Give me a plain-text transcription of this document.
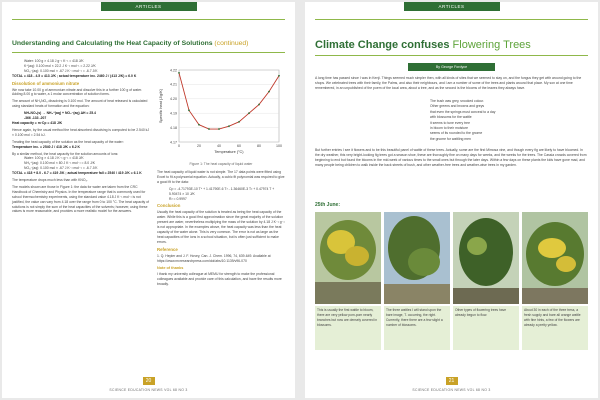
ARTICLES
Understanding and Calculating the Heat Capacity of Solutions (continued)
Water: 100 g × 4.18 J g⁻¹ K⁻¹ = 418 J/K
K⁺(aq): 0.100 mol × 22.2 J K⁻¹ mol⁻¹ = 2.22 J/K
NO₃⁻(aq): 0.100 mol × -67 J K⁻¹ mol⁻¹ = -6.7 J/K
TOTAL = 418 - 4.5 = 413 J/K ; actual temperature inc. 2460 J / (413 J/K) = 6.0 K
Dissolution of ammonium nitrate
We now take 10.00 g of ammonium nitrate and dissolve this in a further 100 g of water. Adding 8.00 g to water, a 1 molar concentration of solution forms.
The amount of NH₄NO₃ dissolving is 0.100 mol. The amount of heat released is calculated using standard heats of formation and the equation:
NH₄NO₃(s) → NH₄⁺(aq) + NO₃⁻(aq) ΔH = 25.4
-366 -133 -207
Heat capacity = m·Cp = 418 J/K
Hence again, by the usual method the heat absorbed dissolving is computed to be 2.540 kJ × 0.100 mol = 2.54 kJ.
Treating the heat capacity of the solution as the heat capacity of the water:
Temperature inc. = 2540 J / 418 J/K = 6.2 K
By a similar method, the heat capacity for the solution amounts of ions:
Water: 100 g × 4.18 J K⁻¹ g⁻¹ = 418 J/K
NH₄⁺(aq): 0.100 mol × 80 J K⁻¹ mol⁻¹ = 8.0 J/K
NO₃⁻(aq): 0.100 mol × -67 J K⁻¹ mol⁻¹ = -6.7 J/K
TOTAL = 418 + 8.0 - 6.7 = 419 J/K ; actual temperature fall = 2540 / 419 J/K = 6.1 K
The temperature drops much less than with KNO₃.
The models shown are those in Figure 1: the data for water are taken from the CRC Handbook of Chemistry and Physics. In the temperature range that is commonly used for school thermochemistry experiments, using the standard value 4.18 J K⁻¹ mol⁻¹ is not justified, the value can vary from 4.18 over the range from 0 to 100 °C. The heat capacity of solutions is not simply the sum of the heat capacities of the solvents; however, using these values is more reasonable, and provides a more realistic model for the answers.
4.17
4.18
4.19
4.20
4.21
4.22
0	20	40	60	80	100
Temperature (°C)
Specific heat (J/g/K)
Figure 1: The heat capacity of liquid water
The heat capacity of liquid water is not simple. The 17 data points were fitted using Excel to fit a polynomial equation. Actually, a cubic fit polynomial was required to give a good fit to the data:
Cp = -4.71793E-10 T⁴ + 1.41790E-6 T³ - 1.36460E-3 T² + 0.47974 T + 5.90474 × 10 J/K
R² = 0.9997
Conclusion
Usually the heat capacity of the solution is treated as being the heat capacity of the water. While this is a good first approximation since the great majority of the solution present are water, nevertheless multiplying the mass of the solution by 4.18 J K⁻¹ g⁻¹ is not appropriate. In the examples above, the heat capacity was less than the heat capacity of the water alone. This is very common. The error is not as large as the heat capacities of the ions in a school situation, but is often just sufficient to make errors.
Reference
1. Q. Hepler and J. F. Hovey, Can. J. Chem. 1996, 74, 639-649. Available at https://www.nrcresearchpress.com/doi/abs/10.1139/v96-070
Note of thanks
I thank my university colleague at MEMU for strength to make the professional colleagues available and provide care of this calculation, and have the results more broadly.
20
SCIENCE EDUCATION NEWS VOL 68 NO 3
ARTICLES
Climate Change confuses Flowering Trees
By George Fordyce
A long time has passed since I was in Kenji. Things seemed much simpler then, with all kinds of sites that we seemed to stay on, and the fungus they get with around going to the shops. We celebrated trees with their family, the Palms, and also their neighbours, and I am a number of some of the trees and plants around that place. My son at one time remembered, in an unpublished of the poem of the local area, about a tree, and as the second is the blooms of the leaves they always have.
The bush was grey, snooked colour.
Other greens and browns and greys
that even the springs must conceal to a day
with blossoms for the wattle
it seems to tune every tree
in bloom to their moisture
seems of its rounded to the gnome
the gnome for wattling men
But further entries I see it flowers and to be this beautiful panel of wattle of these trees. Actually, some are the first Mimosa vine, and though every fig are likely to have bloomed. In the dry weather, this very bright-looking fig trees got a season shoe, these are thoroughly fine on many days for weeks, and the weeks for the trees. The Cassia crowds covered from beginning to end but found the blooms in the mid-week of various times to the small ones but through the later days. Within a few days on these plants the kids have gone mad, and many people being children to walk inside the back streets of bush, and other weather-free trees and weather-wise trees in my garden.
25th June:
This is usually the first wattle to bloom, there are very yellow pom-pom nearly branches but now are densely covered in blossoms.
The three wattles I will stand upon the bare image, T. occurring, the right. Currently, there there are a few slight a number of blossoms.
Other types of flowering trees have already begun to flow.
About 30 in each of the three tress, a fresh supply and bare all orange wattle with fine hints, a few of the flowers are already a pretty yellow.
21
SCIENCE EDUCATION NEWS VOL 68 NO 3
